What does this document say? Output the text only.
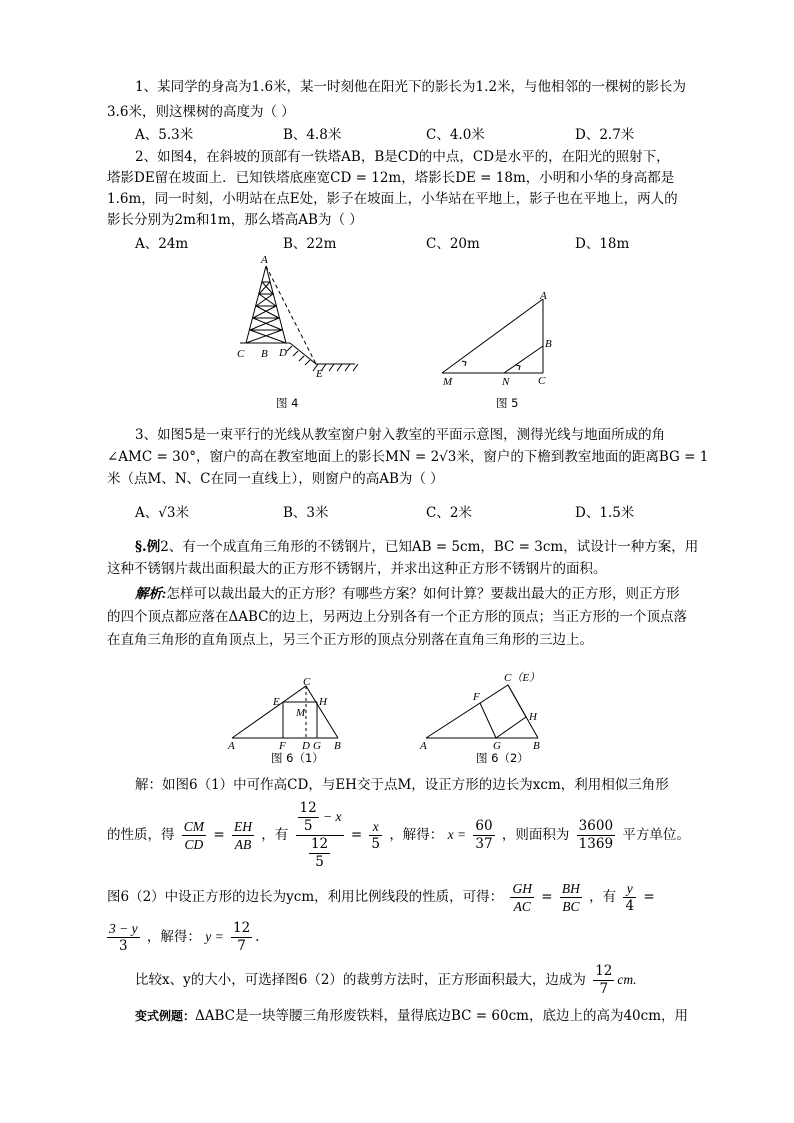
1、某同学的身高为1.6米，某一时刻他在阳光下的影长为1.2米，与他相邻的一棵树的影长为
3.6米，则这棵树的高度为（ ）
A、5.3米	B、4.8米	C、4.0米	D、2.7米
2、如图4，在斜坡的顶部有一铁塔AB，B是CD的中点，CD是水平的，在阳光的照射下，
塔影DE留在坡面上．已知铁塔底座宽CD = 12m，塔影长DE = 18m，小明和小华的身高都是
1.6m，同一时刻，小明站在点E处，影子在坡面上，小华站在平地上，影子也在平地上，两人的
影长分别为2m和1m，那么塔高AB为（ ）
A、24m	B、22m	C、20m	D、18m
A
C B D
E
图 4
A
B
M	N	C
图 5
3、如图5是一束平行的光线从教室窗户射入教室的平面示意图，测得光线与地面所成的角
∠AMC = 30°，窗户的高在教室地面上的影长MN = 2√3米，窗户的下檐到教室地面的距离BG = 1
米（点M、N、C在同一直线上），则窗户的高AB为（ ）
A、√3米	B、3米	C、2米	D、1.5米
§.例2、有一个成直角三角形的不锈钢片，已知AB = 5cm，BC = 3cm，试设计一种方案，用
这种不锈钢片裁出面积最大的正方形不锈钢片，并求出这种正方形不锈钢片的面积。
解析:怎样可以裁出最大的正方形？有哪些方案？如何计算？要裁出最大的正方形，则正方形
的四个顶点都应落在ΔABC的边上，另两边上分别各有一个正方形的顶点；当正方形的一个顶点落
在直角三角形的直角顶点上，另三个正方形的顶点分别落在直角三角形的三边上。
C
E	H
M
A	F D G B
图 6（1）
C（E）
F
H
A	G	B
图 6（2）
解：如图6（1）中可作高CD，与EH交于点M，设正方形的边长为xcm，利用相似三角形
的性质，得 $\frac{CM}{CD} = \frac{EH}{AB}$ ，有 $\frac{\frac{12}{5} - x}{\frac{12}{5}} = \frac{x}{5}$ ，解得： $x = \frac{60}{37}$ ，则面积为 $\frac{3600}{1369}$ 平方单位。
图6（2）中设正方形的边长为ycm，利用比例线段的性质，可得： $\frac{GH}{AC} = \frac{BH}{BC}$ ，有 $\frac{y}{4}$ =
$\frac{3 - y}{3}$ ，解得： $y = \frac{12}{7}$ .
比较x、y的大小，可选择图6（2）的裁剪方法时，正方形面积最大，边成为 $\frac{12}{7}$ cm.
变式例题：ΔABC是一块等腰三角形废铁料，量得底边BC = 60cm，底边上的高为40cm，用
